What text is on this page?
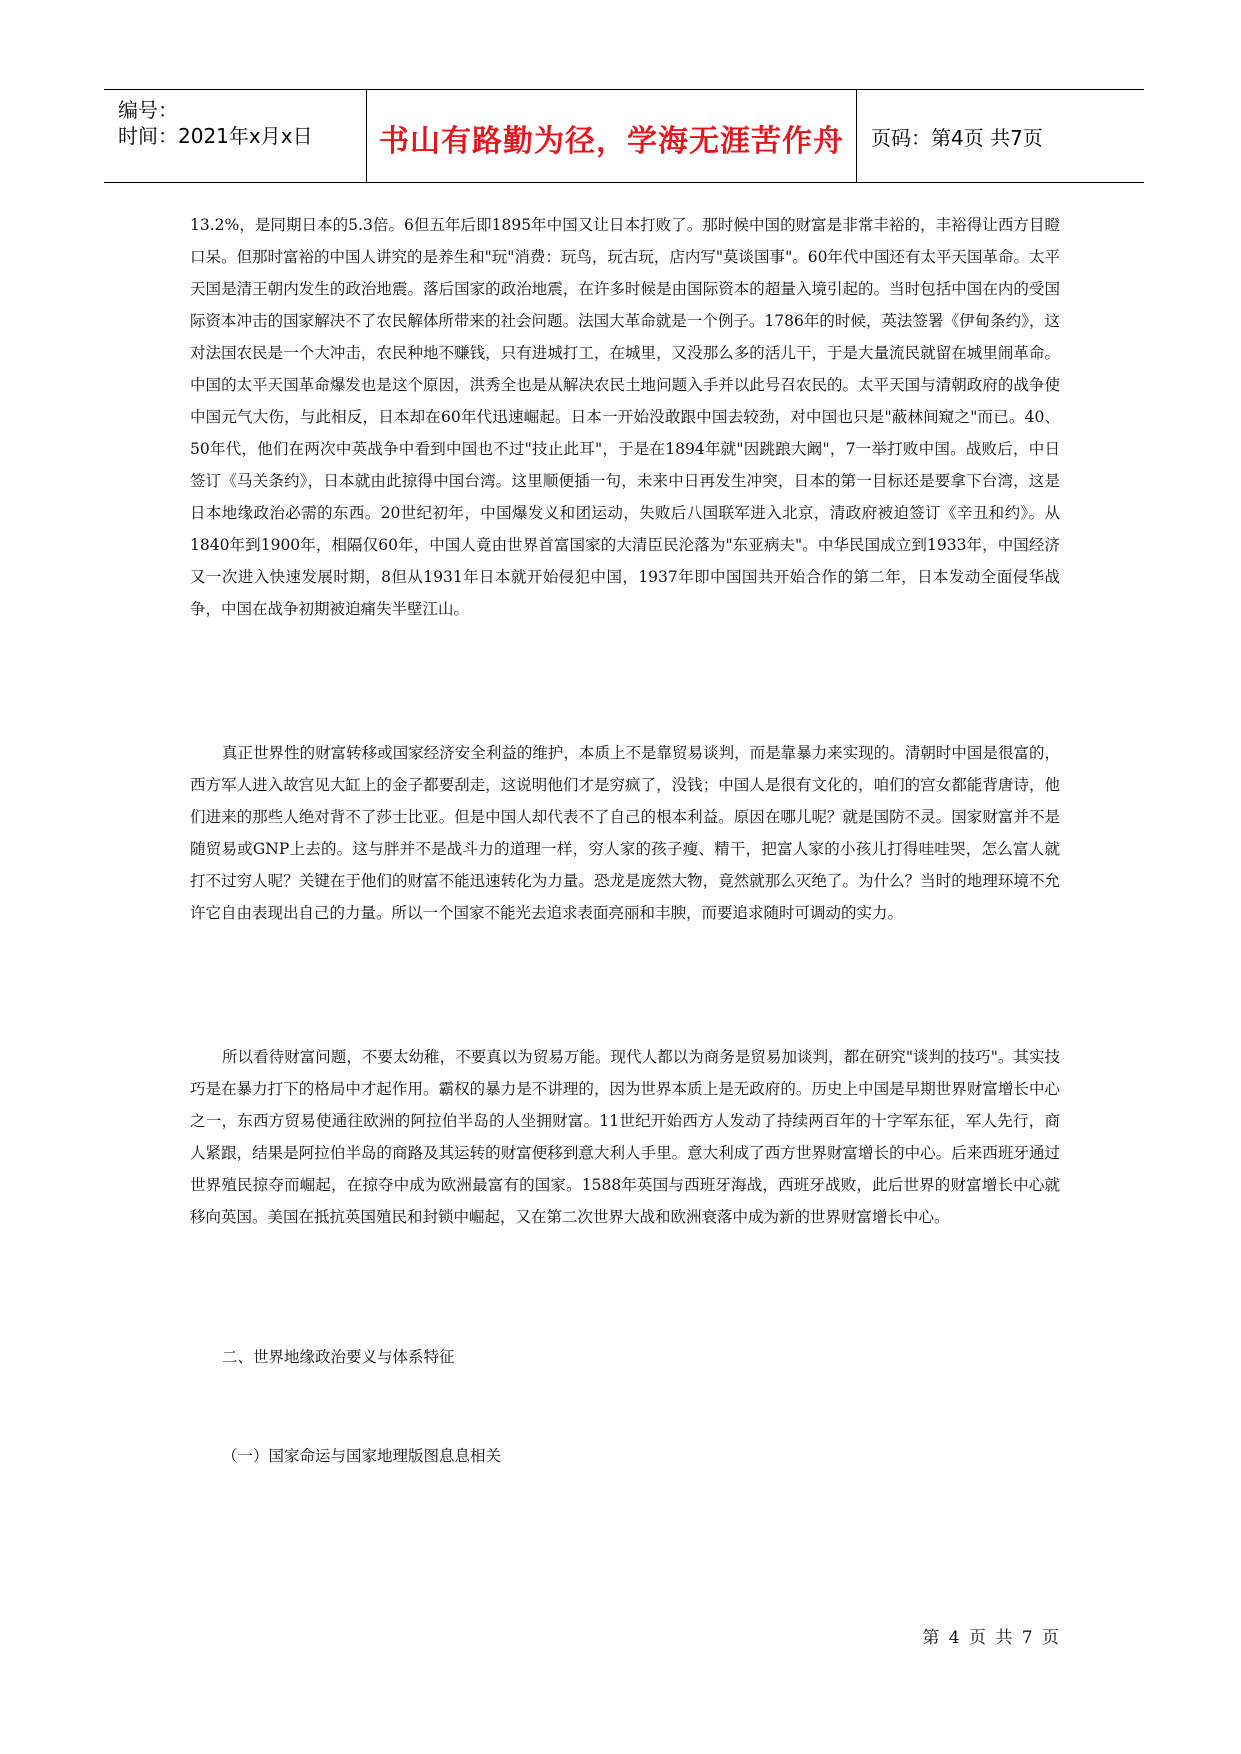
编号：
时间：2021年x月x日 书山有路勤为径，学海无涯苦作舟 页码：第4页 共7页

13.2%，是同期日本的5.3倍。6但五年后即1895年中国又让日本打败了。那时候中国的财富是非常丰裕的，丰裕得让西方目瞪口呆。但那时富裕的中国人讲究的是养生和"玩"消费：玩鸟，玩古玩，店内写"莫谈国事"。60年代中国还有太平天国革命。太平天国是清王朝内发生的政治地震。落后国家的政治地震，在许多时候是由国际资本的超量入境引起的。当时包括中国在内的受国际资本冲击的国家解决不了农民解体所带来的社会问题。法国大革命就是一个例子。1786年的时候，英法签署《伊甸条约》，这对法国农民是一个大冲击，农民种地不赚钱，只有进城打工，在城里，又没那么多的活儿干，于是大量流民就留在城里闹革命。中国的太平天国革命爆发也是这个原因，洪秀全也是从解决农民土地问题入手并以此号召农民的。太平天国与清朝政府的战争使中国元气大伤，与此相反，日本却在60年代迅速崛起。日本一开始没敢跟中国去较劲，对中国也只是"蔽林间窥之"而已。40、50年代，他们在两次中英战争中看到中国也不过"技止此耳"，于是在1894年就"因跳踉大阚"，7一举打败中国。战败后，中日签订《马关条约》，日本就由此掠得中国台湾。这里顺便插一句，未来中日再发生冲突，日本的第一目标还是要拿下台湾，这是日本地缘政治必需的东西。20世纪初年，中国爆发义和团运动，失败后八国联军进入北京，清政府被迫签订《辛丑和约》。从1840年到1900年，相隔仅60年，中国人竟由世界首富国家的大清臣民沦落为"东亚病夫"。中华民国成立到1933年，中国经济又一次进入快速发展时期，8但从1931年日本就开始侵犯中国，1937年即中国国共开始合作的第二年，日本发动全面侵华战争，中国在战争初期被迫痛失半壁江山。

真正世界性的财富转移或国家经济安全利益的维护，本质上不是靠贸易谈判，而是靠暴力来实现的。清朝时中国是很富的，西方军人进入故宫见大缸上的金子都要刮走，这说明他们才是穷疯了，没钱；中国人是很有文化的，咱们的宫女都能背唐诗，他们进来的那些人绝对背不了莎士比亚。但是中国人却代表不了自己的根本利益。原因在哪儿呢？就是国防不灵。国家财富并不是随贸易或GNP上去的。这与胖并不是战斗力的道理一样，穷人家的孩子瘦、精干，把富人家的小孩儿打得哇哇哭，怎么富人就打不过穷人呢？关键在于他们的财富不能迅速转化为力量。恐龙是庞然大物，竟然就那么灭绝了。为什么？当时的地理环境不允许它自由表现出自己的力量。所以一个国家不能光去追求表面亮丽和丰腴，而要追求随时可调动的实力。

所以看待财富问题，不要太幼稚，不要真以为贸易万能。现代人都以为商务是贸易加谈判，都在研究"谈判的技巧"。其实技巧是在暴力打下的格局中才起作用。霸权的暴力是不讲理的，因为世界本质上是无政府的。历史上中国是早期世界财富增长中心之一，东西方贸易使通往欧洲的阿拉伯半岛的人坐拥财富。11世纪开始西方人发动了持续两百年的十字军东征，军人先行，商人紧跟，结果是阿拉伯半岛的商路及其运转的财富便移到意大利人手里。意大利成了西方世界财富增长的中心。后来西班牙通过世界殖民掠夺而崛起，在掠夺中成为欧洲最富有的国家。1588年英国与西班牙海战，西班牙战败，此后世界的财富增长中心就移向英国。美国在抵抗英国殖民和封锁中崛起，又在第二次世界大战和欧洲衰落中成为新的世界财富增长中心。

二、世界地缘政治要义与体系特征
（一）国家命运与国家地理版图息息相关
第 4 页 共 7 页
